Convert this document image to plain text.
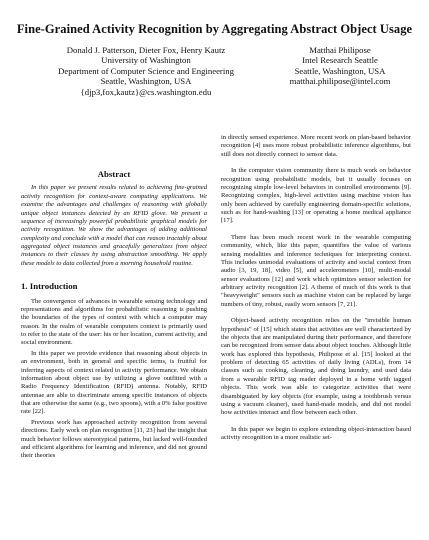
Fine-Grained Activity Recognition by Aggregating Abstract Object Usage
Donald J. Patterson, Dieter Fox, Henry Kautz
University of Washington
Department of Computer Science and Engineering
Seattle, Washington, USA
{djp3,fox,kautz}@cs.washington.edu
Matthai Philipose
Intel Research Seattle
Seattle, Washington, USA
matthai.philipose@intel.com
Abstract

In this paper we present results related to achieving fine-grained activity recognition for context-aware computing applications. We examine the advantages and challenges of reasoning with globally unique object instances detected by an RFID glove. We present a sequence of increasingly powerful probabilistic graphical models for activity recognition. We show the advantages of adding additional complexity and conclude with a model that can reason tractably about aggregated object instances and gracefully generalizes from object instances to their classes by using abstraction smoothing. We apply these models to data collected from a morning household routine.

1. Introduction

The convergence of advances in wearable sensing technology and representations and algorithms for probabilistic reasoning is pushing the boundaries of the types of context with which a computer may reason. In the realm of wearable computers context is primarily used to refer to the state of the user: his or her location, current activity, and social environment.

In this paper we provide evidence that reasoning about objects in an environment, both in general and specific terms, is fruitful for inferring aspects of context related to activity performance. We obtain information about object use by utilizing a glove outfitted with a Radio Frequency Identification (RFID) antenna. Notably, RFID antennae are able to discriminate among specific instances of objects that are otherwise the same (e.g., two spoons), with a 0% false positive rate [22].

Previous work has approached activity recognition from several directions. Early work on plan recognition [11, 23] had the insight that much behavior follows stereotypical patterns, but lacked well-founded and efficient algorithms for learning and inference, and did not ground their theories

in directly sensed experience. More recent work on plan-based behavior recognition [4] uses more robust probabilistic inference algorithms, but still does not directly connect to sensor data.

In the computer vision community there is much work on behavior recognition using probabilistic models, but it usually focuses on recognizing simple low-level behaviors in controlled environments [9]. Recognizing complex, high-level activities using machine vision has only been achieved by carefully engineering domain-specific solutions, such as for hand-washing [13] or operating a home medical appliance [17].

There has been much recent work in the wearable computing community, which, like this paper, quantifies the value of various sensing modalities and inference techniques for interpreting context. This includes unimodal evaluations of activity and social context from audio [3, 19, 18], video [5], and accelerometers [10], multi-modal sensor evaluations [12] and work which optimizes sensor selection for arbitrary activity recognition [2]. A theme of much of this work is that "heavyweight" sensors such as machine vision can be replaced by large numbers of tiny, robust, easily worn sensors [7, 21].

Object-based activity recognition relies on the "invisible human hypothesis" of [15] which states that activities are well characterized by the objects that are manipulated during their performance, and therefore can be recognized from sensor data about object touches. Although little work has explored this hypothesis, Philipose et al. [15] looked at the problem of detecting 65 activities of daily living (ADLs), from 14 classes such as cooking, cleaning, and doing laundry, and used data from a wearable RFID tag reader deployed in a home with tagged objects. This work was able to categorize activities that were disambiguated by key objects (for example, using a toothbrush versus using a vacuum cleaner), used hand-made models, and did not model how activities interact and flow between each other.

In this paper we begin to explore extending object-interaction based activity recognition in a more realistic set-
